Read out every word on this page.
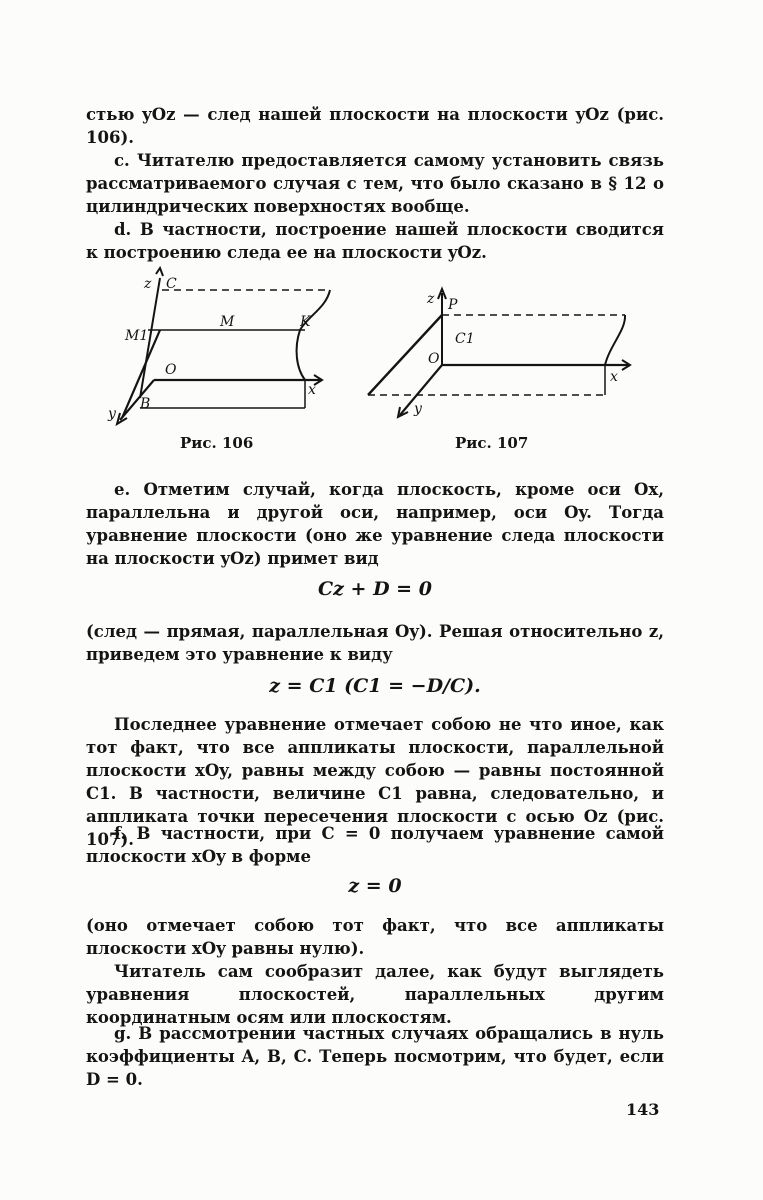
стью yOz — след нашей плоскости на плоскости yOz (рис. 106).

c. Читателю предоставляется самому установить связь рассматриваемого случая с тем, что было сказано в § 12 о цилиндрических поверхностях вообще.

d. В частности, построение нашей плоскости сводится к построению следа ее на плоскости yOz.

z C
M1
M	K
O
x
y
B

Рис. 106

z P
C1
O
x
y

Рис. 107

e. Отметим случай, когда плоскость, кроме оси Ox, параллельна и другой оси, например, оси Oy. Тогда уравнение плоскости (оно же уравнение следа плоскости на плоскости yOz) примет вид

Cz + D = 0

(след — прямая, параллельная Oy). Решая относительно z, приведем это уравнение к виду

z = C1 (C1 = −D/C).

Последнее уравнение отмечает собою не что иное, как тот факт, что все аппликаты плоскости, параллельной плоскости xOy, равны между собою — равны постоянной C1. В частности, величине C1 равна, следовательно, и аппликата точки пересечения плоскости с осью Oz (рис. 107).

f. В частности, при C = 0 получаем уравнение самой плоскости xOy в форме

z = 0

(оно отмечает собою тот факт, что все аппликаты плоскости xOy равны нулю).

Читатель сам сообразит далее, как будут выглядеть уравнения плоскостей, параллельных другим координатным осям или плоскостям.

g. В рассмотрении частных случаях обращались в нуль коэффициенты A, B, C. Теперь посмотрим, что будет, если D = 0.

143
